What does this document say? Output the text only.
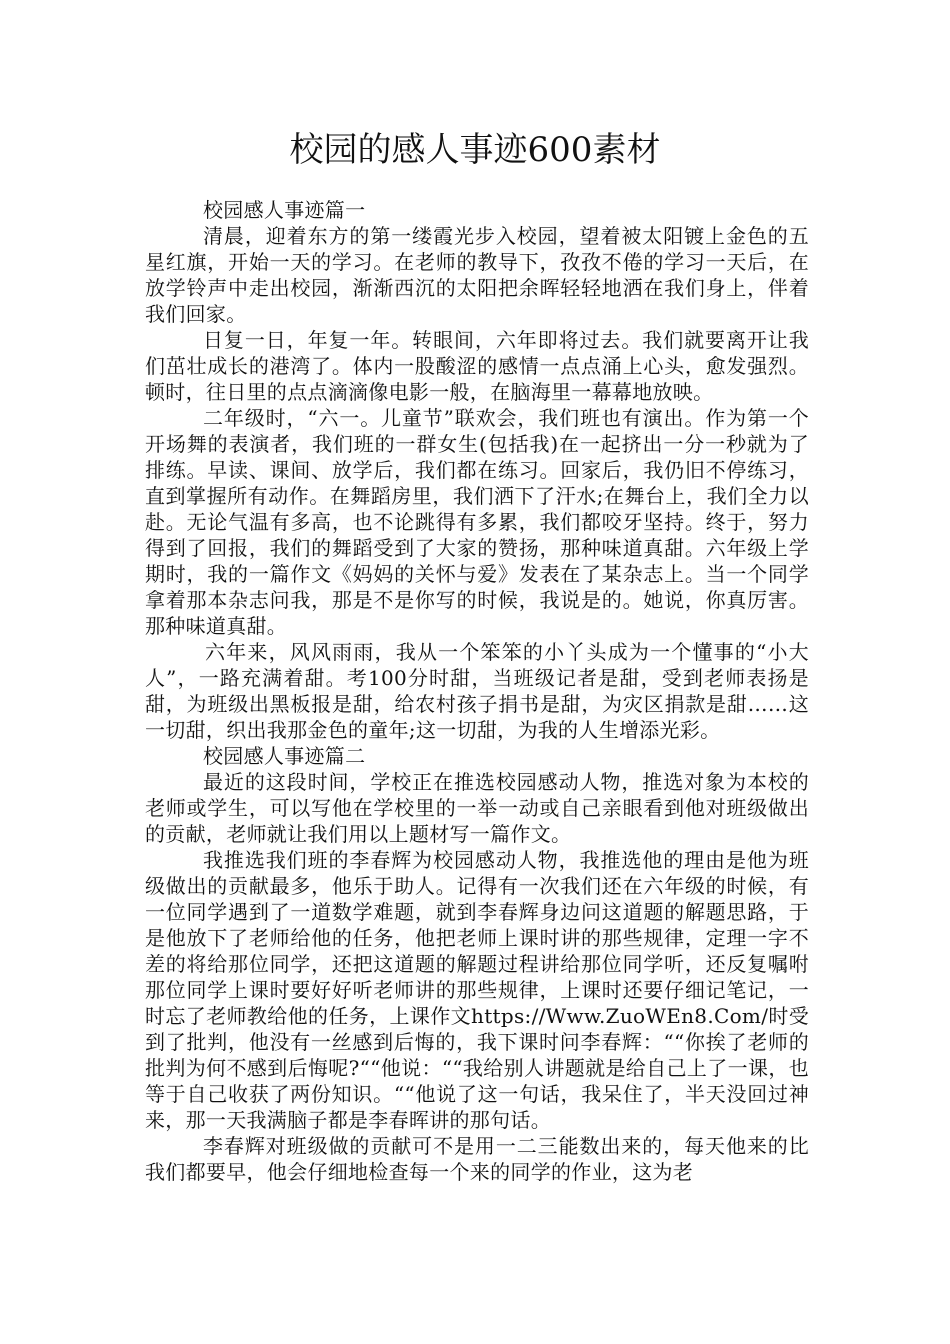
校园的感人事迹600素材

校园感人事迹篇一

清晨，迎着东方的第一缕霞光步入校园，望着被太阳镀上金色的五星红旗，开始一天的学习。在老师的教导下，孜孜不倦的学习一天后，在放学铃声中走出校园，渐渐西沉的太阳把余晖轻轻地洒在我们身上，伴着我们回家。

日复一日，年复一年。转眼间，六年即将过去。我们就要离开让我们茁壮成长的港湾了。体内一股酸涩的感情一点点涌上心头，愈发强烈。顿时，往日里的点点滴滴像电影一般，在脑海里一幕幕地放映。

二年级时，“六一。儿童节”联欢会，我们班也有演出。作为第一个开场舞的表演者，我们班的一群女生(包括我)在一起挤出一分一秒就为了排练。早读、课间、放学后，我们都在练习。回家后，我仍旧不停练习，直到掌握所有动作。在舞蹈房里，我们洒下了汗水;在舞台上，我们全力以赴。无论气温有多高，也不论跳得有多累，我们都咬牙坚持。终于，努力得到了回报，我们的舞蹈受到了大家的赞扬，那种味道真甜。六年级上学期时，我的一篇作文《妈妈的关怀与爱》发表在了某杂志上。当一个同学拿着那本杂志问我，那是不是你写的时候，我说是的。她说，你真厉害。那种味道真甜。

六年来，风风雨雨，我从一个笨笨的小丫头成为一个懂事的“小大人”，一路充满着甜。考100分时甜，当班级记者是甜，受到老师表扬是甜，为班级出黑板报是甜，给农村孩子捐书是甜，为灾区捐款是甜……这一切甜，织出我那金色的童年;这一切甜，为我的人生增添光彩。

校园感人事迹篇二

最近的这段时间，学校正在推选校园感动人物，推选对象为本校的老师或学生，可以写他在学校里的一举一动或自己亲眼看到他对班级做出的贡献，老师就让我们用以上题材写一篇作文。

我推选我们班的李春辉为校园感动人物，我推选他的理由是他为班级做出的贡献最多，他乐于助人。记得有一次我们还在六年级的时候，有一位同学遇到了一道数学难题，就到李春辉身边问这道题的解题思路，于是他放下了老师给他的任务，他把老师上课时讲的那些规律，定理一字不差的将给那位同学，还把这道题的解题过程讲给那位同学听，还反复嘱咐那位同学上课时要好好听老师讲的那些规律，上课时还要仔细记笔记，一时忘了老师教给他的任务，上课作文https://Www.ZuoWEn8.Com/时受到了批判，他没有一丝感到后悔的，我下课时问李春辉：““你挨了老师的批判为何不感到后悔呢?““他说：““我给别人讲题就是给自己上了一课，也等于自己收获了两份知识。““他说了这一句话，我呆住了，半天没回过神来，那一天我满脑子都是李春晖讲的那句话。

李春辉对班级做的贡献可不是用一二三能数出来的，每天他来的比我们都要早，他会仔细地检查每一个来的同学的作业，这为老
